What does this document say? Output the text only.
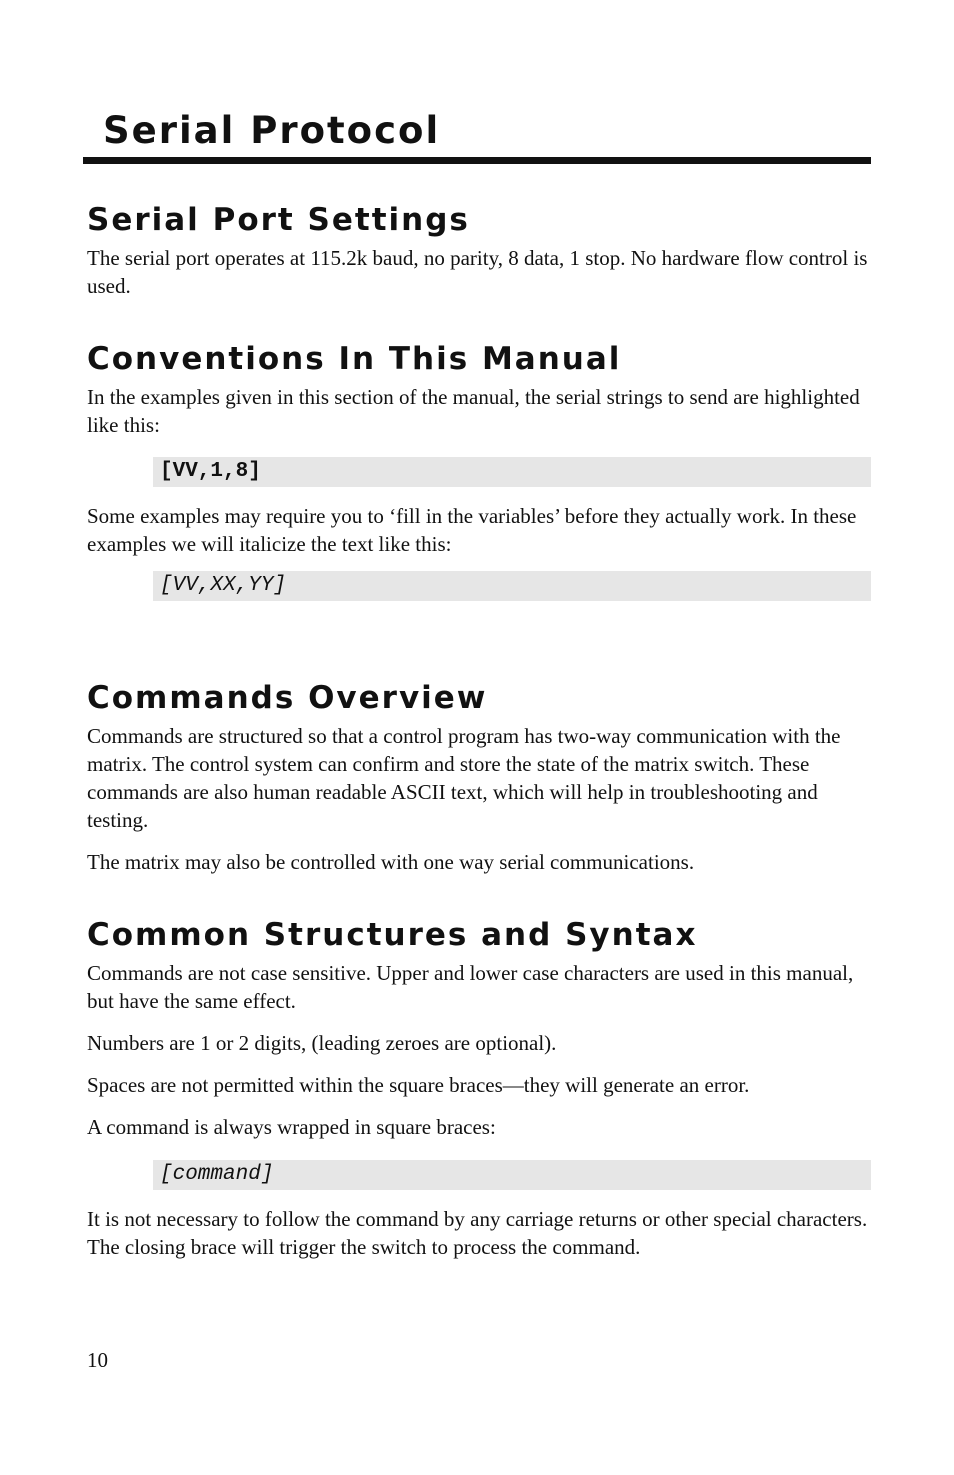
Serial Protocol
Serial Port Settings

The serial port operates at 115.2k baud, no parity, 8 data, 1 stop. No hardware flow control is used.

Conventions In This Manual

In the examples given in this section of the manual, the serial strings to send are highlighted like this:

[VV,1,8]

Some examples may require you to ‘fill in the variables’ before they actually work. In these examples we will italicize the text like this:

[VV,XX,YY]
Commands Overview

Commands are structured so that a control program has two-way communication with the matrix. The control system can confirm and store the state of the matrix switch. These commands are also human readable ASCII text, which will help in troubleshooting and testing.

The matrix may also be controlled with one way serial communications.

Common Structures and Syntax

Commands are not case sensitive. Upper and lower case characters are used in this manual, but have the same effect.

Numbers are 1 or 2 digits, (leading zeroes are optional).

Spaces are not permitted within the square braces—they will generate an error.

A command is always wrapped in square braces:

[command]

It is not necessary to follow the command by any carriage returns or other special characters. The closing brace will trigger the switch to process the command.

10
